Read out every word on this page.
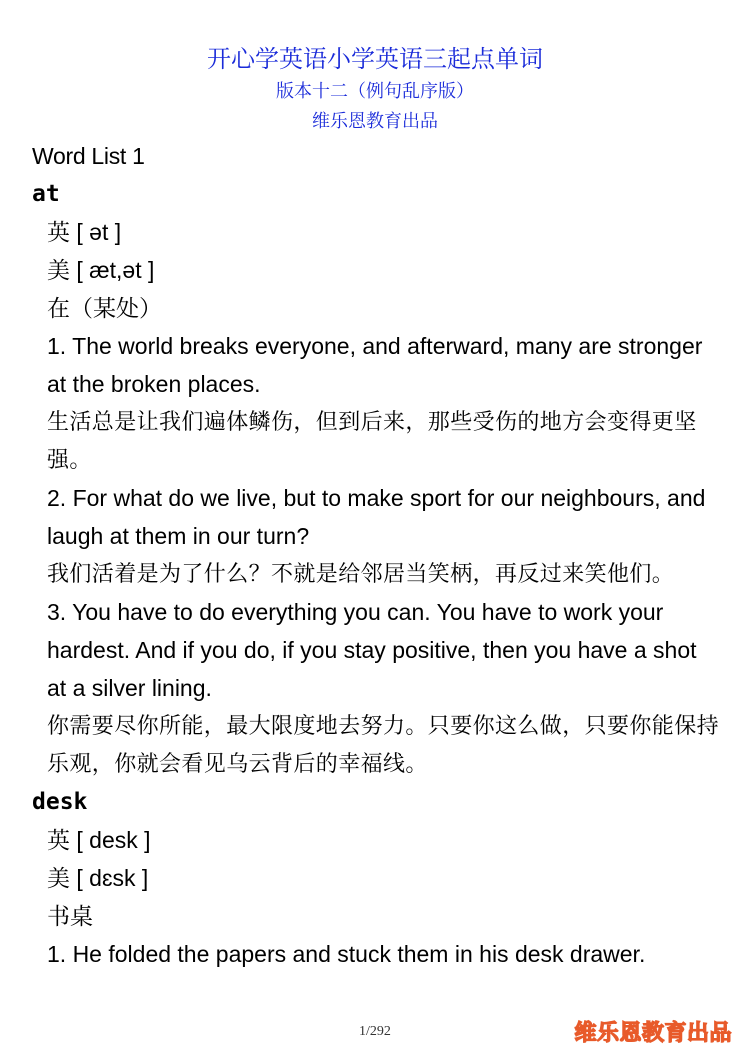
开心学英语小学英语三起点单词
版本十二（例句乱序版）
维乐恩教育出品
Word List 1
at
英 [ ət ]
美 [ æt,ət ]
在（某处）
1. The world breaks everyone, and afterward, many are stronger at the broken places.
生活总是让我们遍体鳞伤，但到后来，那些受伤的地方会变得更坚强。
2. For what do we live, but to make sport for our neighbours, and laugh at them in our turn?
我们活着是为了什么？不就是给邻居当笑柄，再反过来笑他们。
3. You have to do everything you can. You have to work your hardest. And if you do, if you stay positive, then you have a shot at a silver lining.
你需要尽你所能，最大限度地去努力。只要你这么做，只要你能保持乐观，你就会看见乌云背后的幸福线。
desk
英 [ desk ]
美 [ dɛsk ]
书桌
1. He folded the papers and stuck them in his desk drawer.
1/292	维乐恩教育出品
